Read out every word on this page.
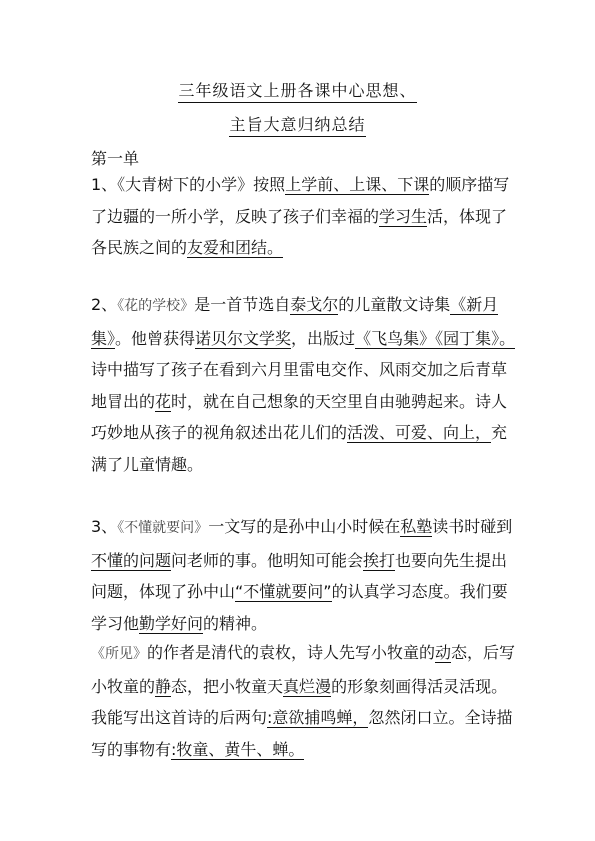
三年级语文上册各课中心思想、
主旨大意归纳总结
第一单
1、《大青树下的小学》按照上学前、上课、下课的顺序描写了边疆的一所小学，反映了孩子们幸福的学习生活，体现了各民族之间的友爱和团结。
2、《花的学校》是一首节选自泰戈尔的儿童散文诗集《新月集》。他曾获得诺贝尔文学奖，出版过《飞鸟集》《园丁集》。诗中描写了孩子在看到六月里雷电交作、风雨交加之后青草地冒出的花时，就在自己想象的天空里自由驰骋起来。诗人巧妙地从孩子的视角叙述出花儿们的活泼、可爱、向上，充满了儿童情趣。
3、《不懂就要问》一文写的是孙中山小时候在私塾读书时碰到不懂的问题问老师的事。他明知可能会挨打也要向先生提出问题，体现了孙中山“不懂就要问”的认真学习态度。我们要学习他勤学好问的精神。
《所见》的作者是清代的袁枚，诗人先写小牧童的动态，后写小牧童的静态，把小牧童天真烂漫的形象刻画得活灵活现。我能写出这首诗的后两句:意欲捕鸣蝉，忽然闭口立。全诗描写的事物有:牧童、黄牛、蝉。
